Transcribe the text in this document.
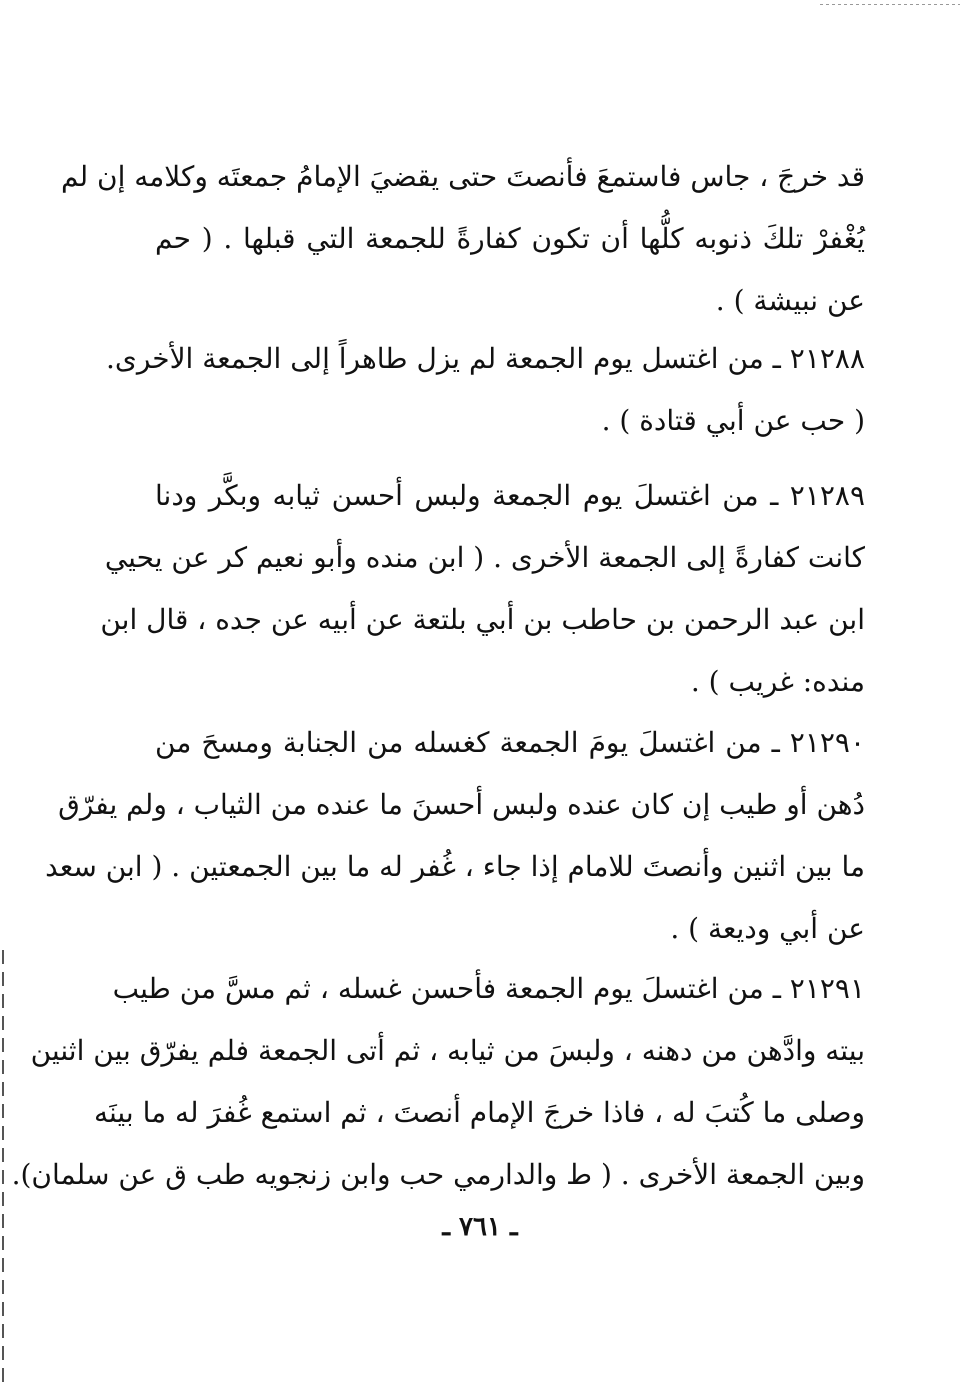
قد خرجَ ، جاس فاستمعَ فأنصتَ حتى يقضيَ الإمامُ جمعتَه وكلامه إن لم
يُغْفرْ تلكَ ذنوبه كلُّها أن تكون كفارةً للجمعة التي قبلها . ( حم
عن نبيشة ) .
٢١٢٨٨ ـ من اغتسل يوم الجمعة لم يزل طاهراً إلى الجمعة الأخرى.
( حب عن أبي قتادة ) .
٢١٢٨٩ ـ من اغتسلَ يوم الجمعة ولبس أحسن ثيابه وبكَّر ودنا
كانت كفارةً إلى الجمعة الأخرى . ( ابن منده وأبو نعيم كر عن يحيي
ابن عبد الرحمن بن حاطب بن أبي بلتعة عن أبيه عن جده ، قال ابن
منده: غريب ) .
٢١٢٩٠ ـ من اغتسلَ يومَ الجمعة كغسله من الجنابة ومسحَ من
دُهن أو طيب إن كان عنده ولبس أحسنَ ما عنده من الثياب ، ولم يفرّق
ما بين اثنين وأنصتَ للامام إذا جاء ، غُفر له ما بين الجمعتين . ( ابن سعد
عن أبي وديعة ) .
٢١٢٩١ ـ من اغتسلَ يوم الجمعة فأحسن غسله ، ثم مسَّ من طيب
بيته وادَّهن من دهنه ، ولبسَ من ثيابه ، ثم أتى الجمعة فلم يفرّق بين اثنين
وصلى ما كُتبَ له ، فاذا خرجَ الإمام أنصتَ ، ثم استمع غُفرَ له ما بينَه
وبين الجمعة الأخرى . ( ط والدارمي حب وابن زنجويه طب ق عن سلمان).
ـ ٧٦١ ـ
